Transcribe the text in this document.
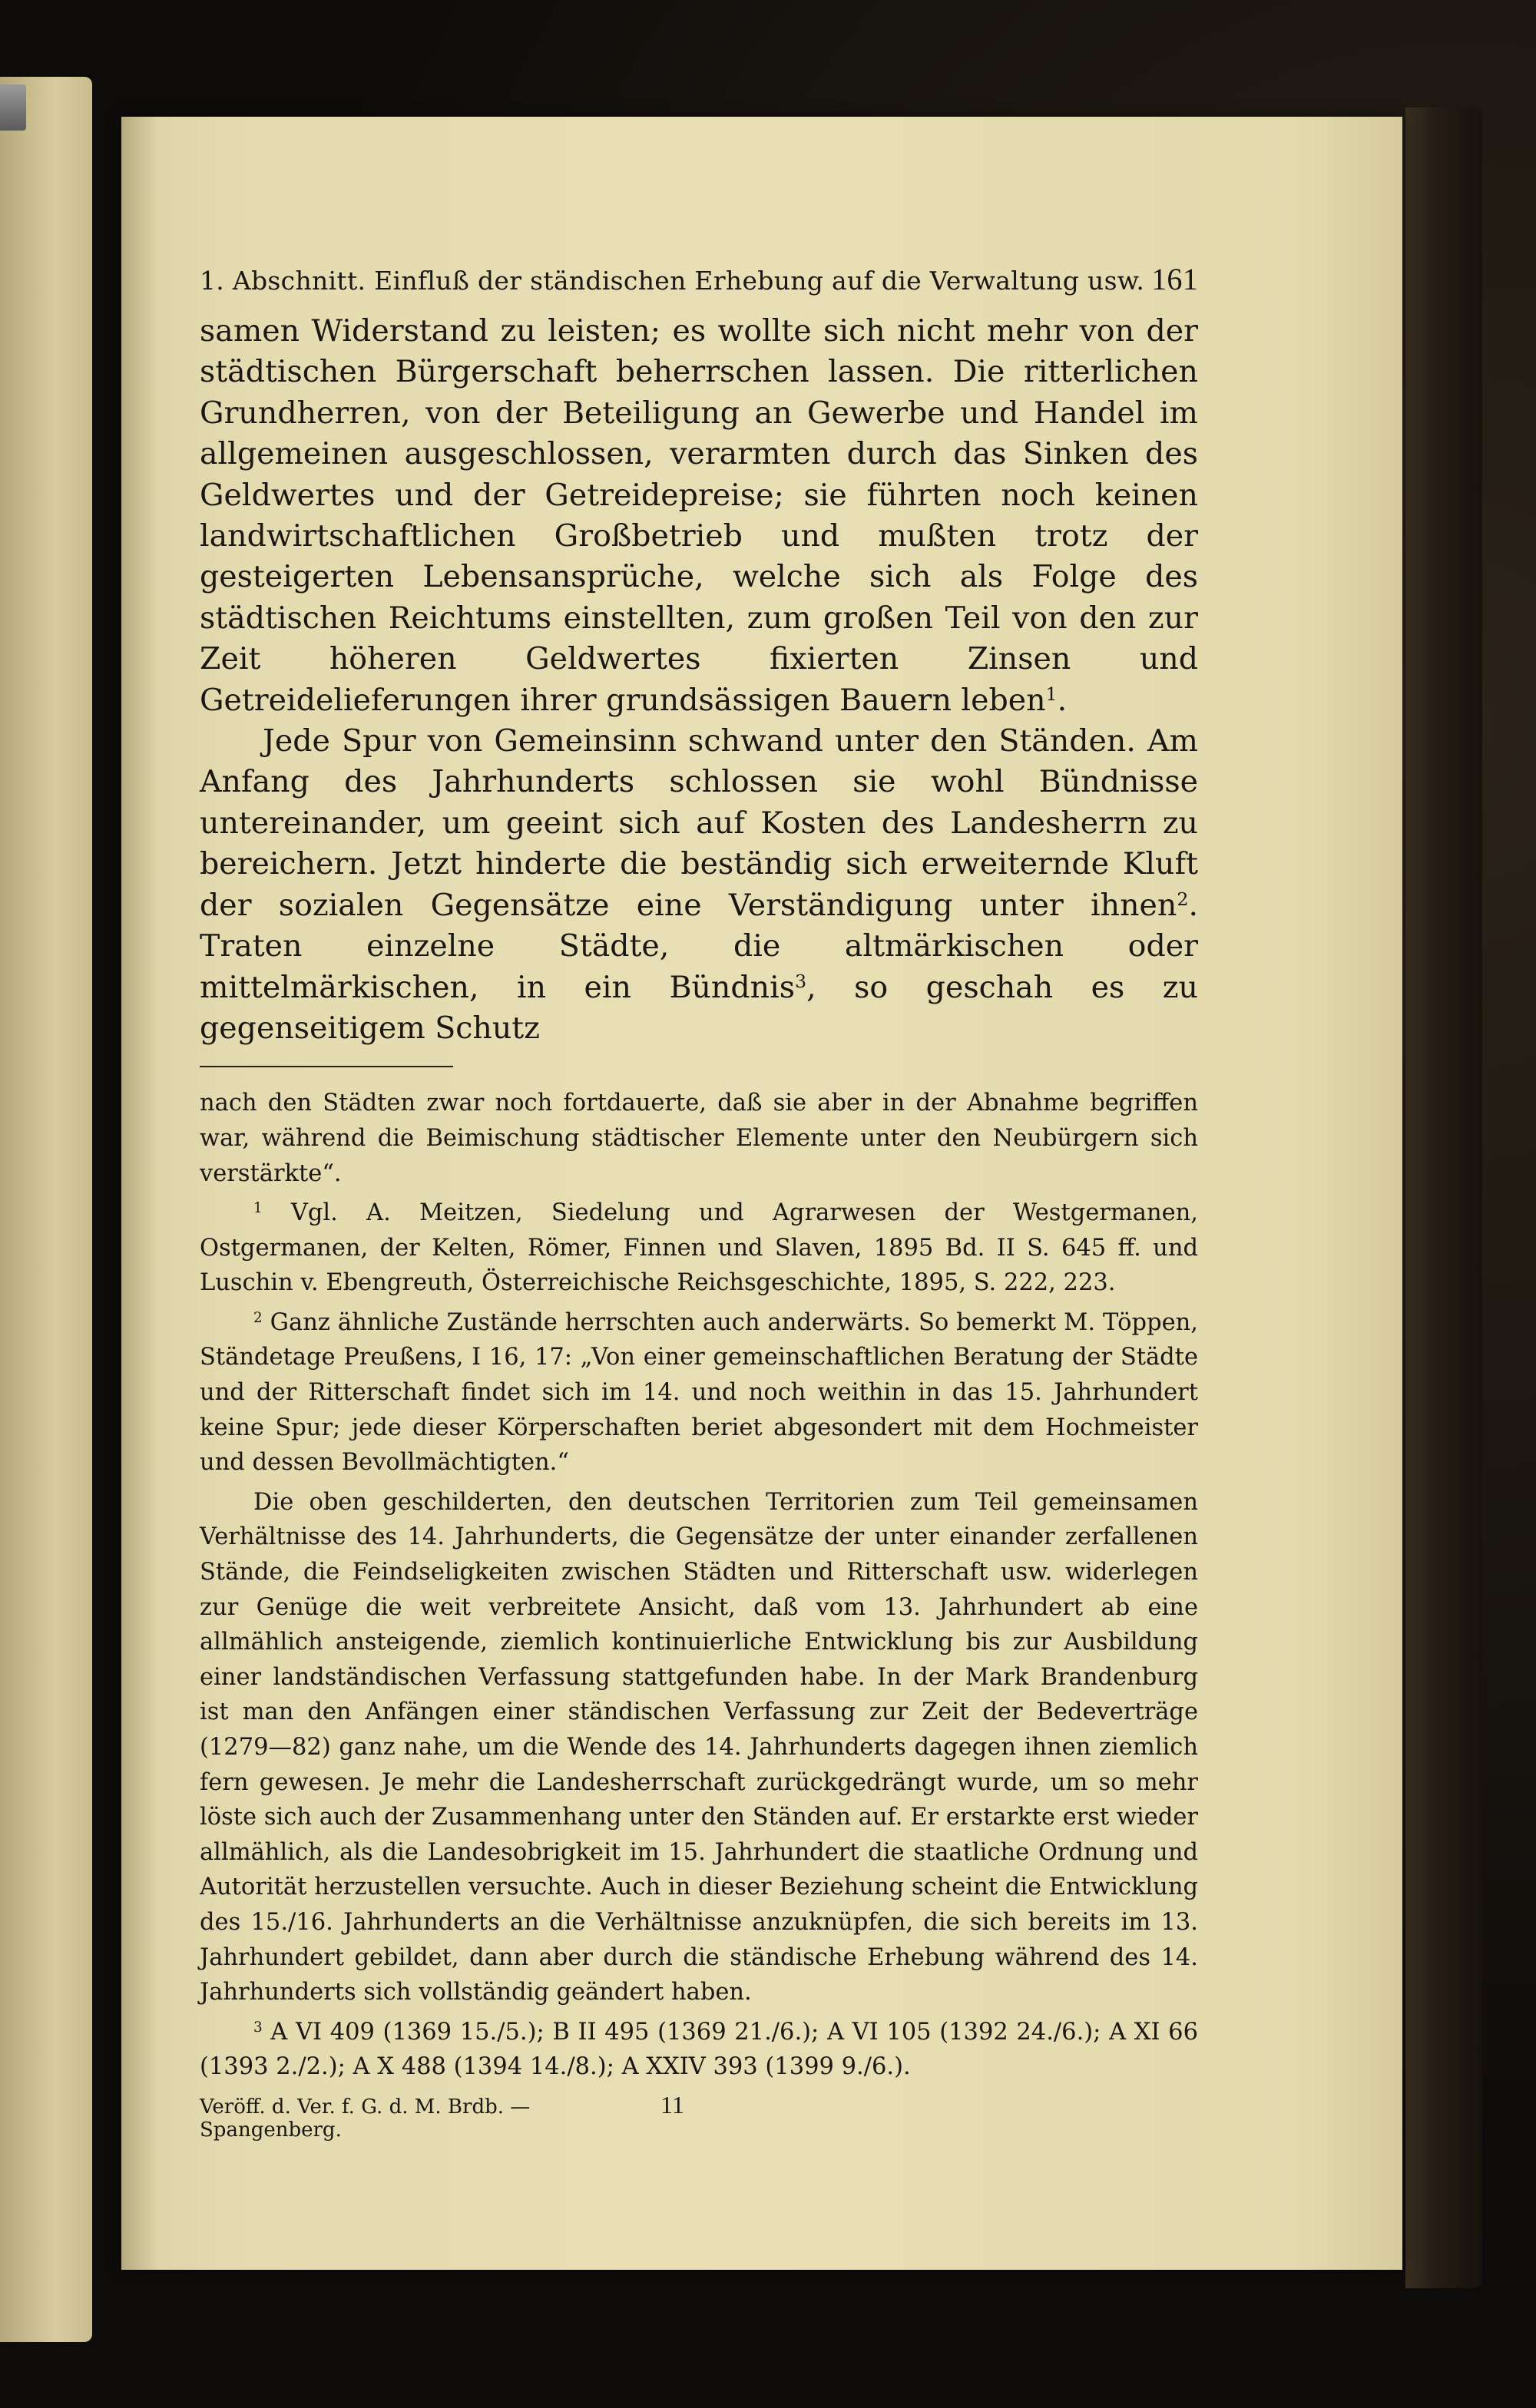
1. Abschnitt. Einfluß der ständischen Erhebung auf die Verwaltung usw. 161

samen Widerstand zu leisten; es wollte sich nicht mehr von der städtischen Bürgerschaft beherrschen lassen. Die ritterlichen Grundherren, von der Beteiligung an Gewerbe und Handel im allgemeinen ausgeschlossen, verarmten durch das Sinken des Geldwertes und der Getreidepreise; sie führten noch keinen landwirtschaftlichen Großbetrieb und mußten trotz der gesteigerten Lebensansprüche, welche sich als Folge des städtischen Reichtums einstellten, zum großen Teil von den zur Zeit höheren Geldwertes fixierten Zinsen und Getreidelieferungen ihrer grundsässigen Bauern leben$^1$.

Jede Spur von Gemeinsinn schwand unter den Ständen. Am Anfang des Jahrhunderts schlossen sie wohl Bündnisse untereinander, um geeint sich auf Kosten des Landesherrn zu bereichern. Jetzt hinderte die beständig sich erweiternde Kluft der sozialen Gegensätze eine Verständigung unter ihnen$^2$. Traten einzelne Städte, die altmärkischen oder mittelmärkischen, in ein Bündnis$^3$, so geschah es zu gegenseitigem Schutz

nach den Städten zwar noch fortdauerte, daß sie aber in der Abnahme begriffen war, während die Beimischung städtischer Elemente unter den Neubürgern sich verstärkte“.

$^1$ Vgl. A. Meitzen, Siedelung und Agrarwesen der Westgermanen, Ostgermanen, der Kelten, Römer, Finnen und Slaven, 1895 Bd. II S. 645 ff. und Luschin v. Ebengreuth, Österreichische Reichsgeschichte, 1895, S. 222, 223.

$^2$ Ganz ähnliche Zustände herrschten auch anderwärts. So bemerkt M. Töppen, Ständetage Preußens, I 16, 17: „Von einer gemeinschaftlichen Beratung der Städte und der Ritterschaft findet sich im 14. und noch weithin in das 15. Jahrhundert keine Spur; jede dieser Körperschaften beriet abgesondert mit dem Hochmeister und dessen Bevollmächtigten.“

Die oben geschilderten, den deutschen Territorien zum Teil gemeinsamen Verhältnisse des 14. Jahrhunderts, die Gegensätze der unter einander zerfallenen Stände, die Feindseligkeiten zwischen Städten und Ritterschaft usw. widerlegen zur Genüge die weit verbreitete Ansicht, daß vom 13. Jahrhundert ab eine allmählich ansteigende, ziemlich kontinuierliche Entwicklung bis zur Ausbildung einer landständischen Verfassung stattgefunden habe. In der Mark Brandenburg ist man den Anfängen einer ständischen Verfassung zur Zeit der Bedeverträge (1279—82) ganz nahe, um die Wende des 14. Jahrhunderts dagegen ihnen ziemlich fern gewesen. Je mehr die Landesherrschaft zurückgedrängt wurde, um so mehr löste sich auch der Zusammenhang unter den Ständen auf. Er erstarkte erst wieder allmählich, als die Landesobrigkeit im 15. Jahrhundert die staatliche Ordnung und Autorität herzustellen versuchte. Auch in dieser Beziehung scheint die Entwicklung des 15./16. Jahrhunderts an die Verhältnisse anzuknüpfen, die sich bereits im 13. Jahrhundert gebildet, dann aber durch die ständische Erhebung während des 14. Jahrhunderts sich vollständig geändert haben.

$^3$ A VI 409 (1369 15./5.); B II 495 (1369 21./6.); A VI 105 (1392 24./6.); A XI 66 (1393 2./2.); A X 488 (1394 14./8.); A XXIV 393 (1399 9./6.).

Veröff. d. Ver. f. G. d. M. Brdb. — Spangenberg.
11
